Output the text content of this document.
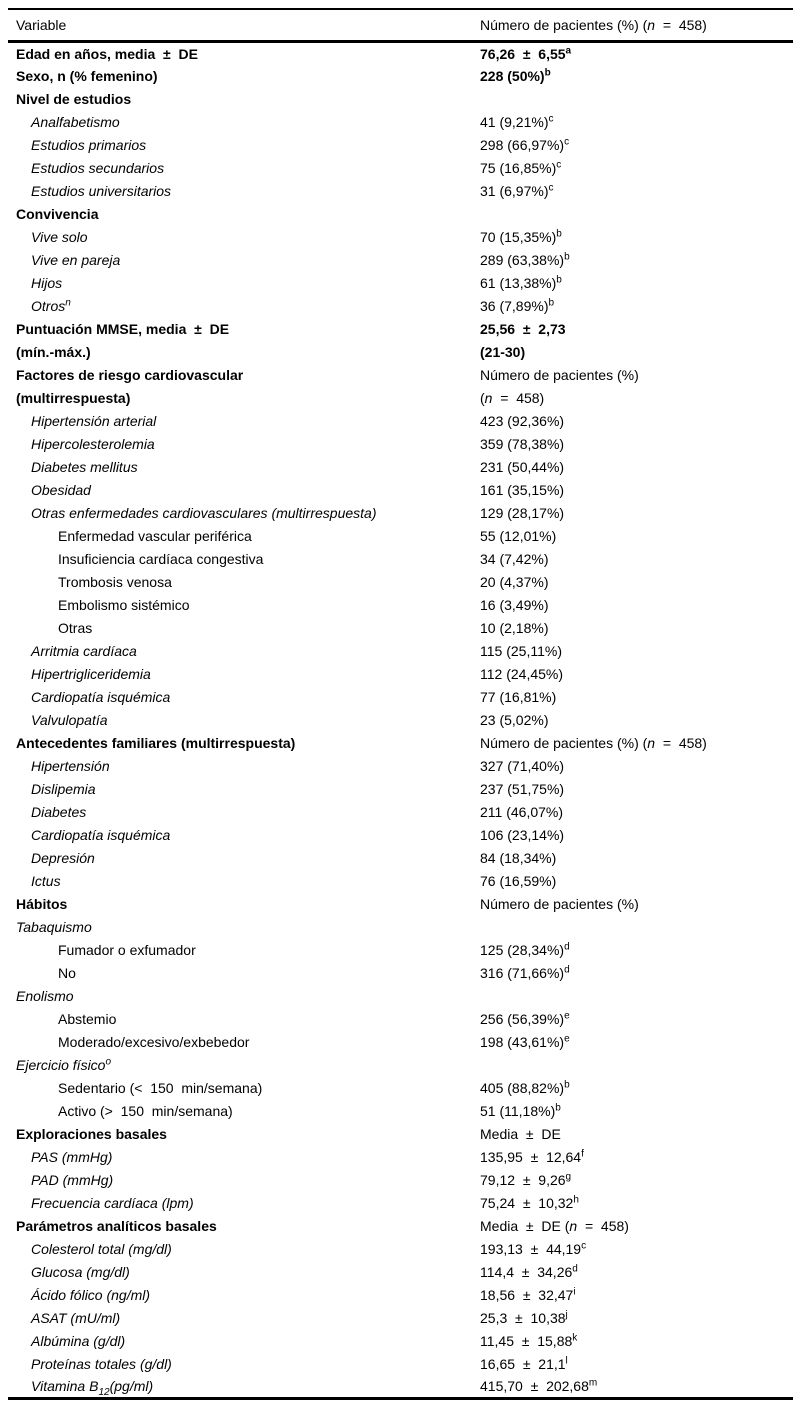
Variable	Número de pacientes (%) (n  =  458)
Edad en años, media  ±  DE	76,26  ±  6,55$^a$
Sexo, n (% femenino)	228 $(50\%)^b$
Nivel de estudios	
Analfabetismo	41 $(9,21\%)^c$
Estudios primarios	298 $(66,97\%)^c$
Estudios secundarios	75 $(16,85\%)^c$
Estudios universitarios	31 $(6,97\%)^c$
Convivencia	
Vive solo	70 $(15,35\%)^b$
Vive en pareja	289 $(63,38\%)^b$
Hijos	61 $(13,38\%)^b$
Otros$^n$	36 $(7,89\%)^b$
Puntuación MMSE, media  ±  DE	25,56  ±  2,73
(mín.-máx.)	(21-30)
Factores de riesgo cardiovascular	Número de pacientes (%)
(multirrespuesta)	(n  =  458)
Hipertensión arterial	423 (92,36%)
Hipercolesterolemia	359 (78,38%)
Diabetes mellitus	231 (50,44%)
Obesidad	161 (35,15%)
Otras enfermedades cardiovasculares (multirrespuesta)	129 (28,17%)
Enfermedad vascular periférica	55 (12,01%)
Insuficiencia cardíaca congestiva	34 (7,42%)
Trombosis venosa	20 (4,37%)
Embolismo sistémico	16 (3,49%)
Otras	10 (2,18%)
Arritmia cardíaca	115 (25,11%)
Hipertrigliceridemia	112 (24,45%)
Cardiopatía isquémica	77 (16,81%)
Valvulopatía	23 (5,02%)
Antecedentes familiares (multirrespuesta)	Número de pacientes (%) (n  =  458)
Hipertensión	327 (71,40%)
Dislipemia	237 (51,75%)
Diabetes	211 (46,07%)
Cardiopatía isquémica	106 (23,14%)
Depresión	84 (18,34%)
Ictus	76 (16,59%)
Hábitos	Número de pacientes (%)
Tabaquismo	
Fumador o exfumador	125 $(28,34\%)^d$
No	316 $(71,66\%)^d$
Enolismo	
Abstemio	256 $(56,39\%)^e$
Moderado/excesivo/exbebedor	198 $(43,61\%)^e$
Ejercicio físico$^o$	
Sedentario (<  150  min/semana)	405 $(88,82\%)^b$
Activo (>  150  min/semana)	51 $(11,18\%)^b$
Exploraciones basales	Media  ±  DE
PAS (mmHg)	135,95  ±  12,64$^f$
PAD (mmHg)	79,12  ±  9,26$^g$
Frecuencia cardíaca (lpm)	75,24  ±  10,32$^h$
Parámetros analíticos basales	Media  ±  DE (n  =  458)
Colesterol total (mg/dl)	193,13  ±  44,19$^c$
Glucosa (mg/dl)	114,4  ±  34,26$^d$
Ácido fólico (ng/ml)	18,56  ±  32,47$^i$
ASAT (mU/ml)	25,3  ±  10,38$^j$
Albúmina (g/dl)	11,45  ±  15,88$^k$
Proteínas totales (g/dl)	16,65  ±  21,1$^l$
Vitamina $B_{12}(pg/ml)$	415,70  ±  202,68$^m$
